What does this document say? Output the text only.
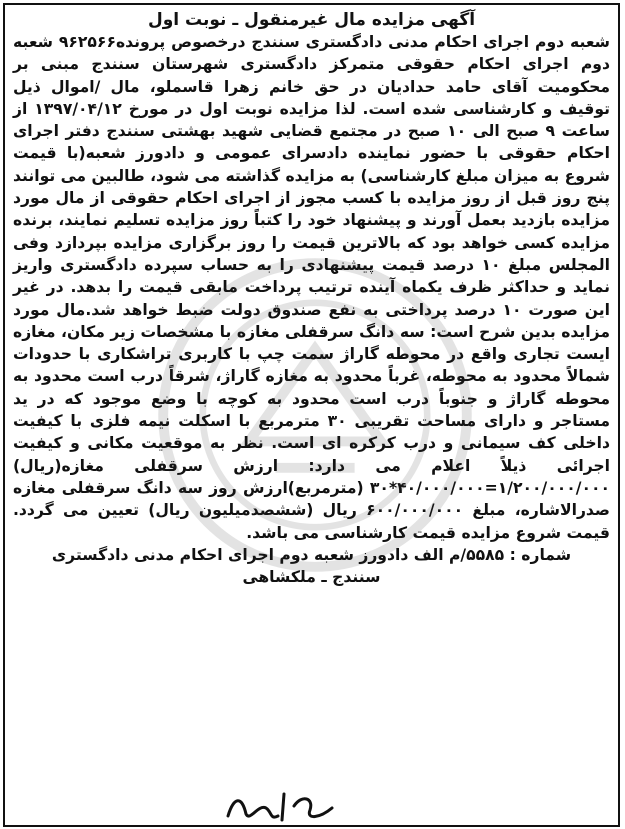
آگهی مزایده مال غیرمنقول ـ نوبت اول

شعبه دوم اجرای احکام مدنی دادگستری سنندج درخصوص پرونده۹۶۲۵۶۶ شعبه دوم اجرای احکام حقوقی متمرکز دادگستری شهرستان سنندج مبنی بر محکومیت آقای حامد حدادیان در حق خانم زهرا قاسملو، مال /اموال ذیل توقیف و کارشناسی شده است. لذا مزایده نوبت اول در مورخ ۱۳۹۷/۰۴/۱۲ از ساعت ۹ صبح الی ۱۰ صبح در مجتمع قضایی شهید بهشتی سنندج دفتر اجرای احکام حقوقی با حضور نماینده دادسرای عمومی و دادورز شعبه(با قیمت شروع به میزان مبلغ کارشناسی) به مزایده گذاشته می شود، طالبین می توانند پنج روز قبل از روز مزایده با کسب مجوز از اجرای احکام حقوقی از مال مورد مزایده بازدید بعمل آورند و پیشنهاد خود را کتباً روز مزایده تسلیم نمایند، برنده مزایده کسی خواهد بود که بالاترین قیمت را روز برگزاری مزایده بپردازد وفی المجلس مبلغ ۱۰ درصد قیمت پیشنهادی را به حساب سپرده دادگستری واریز نماید و حداکثر ظرف یکماه آینده ترتیب پرداخت مابقی قیمت را بدهد. در غیر این صورت ۱۰ درصد پرداختی به نفع صندوق دولت ضبط خواهد شد.مال مورد مزایده بدین شرح است: سه دانگ سرقفلی مغازه با مشخصات زیر مکان، مغازه ایست تجاری واقع در محوطه گاراژ سمت چپ با کاربری تراشکاری با حدودات شمالاً محدود به محوطه، غرباً محدود به مغازه گاراژ، شرقاً درب است محدود به محوطه گاراژ و جنوباً درب است محدود به کوچه با وضع موجود که در ید مستاجر و دارای مساحت تقریبی ۳۰ مترمربع با اسکلت نیمه فلزی با کیفیت داخلی کف سیمانی و درب کرکره ای است. نظر به موقعیت مکانی و کیفیت اجرائی ذیلاً اعلام می دارد: ارزش سرقفلی مغازه(ریال) ۱/۲۰۰/۰۰۰/۰۰۰=۴۰/۰۰۰/۰۰۰*۳۰ (مترمربع)ارزش روز سه دانگ سرقفلی مغازه صدرالاشاره، مبلغ ۶۰۰/۰۰۰/۰۰۰ ریال (ششصدمیلیون ریال) تعیین می گردد. قیمت شروع مزایده قیمت کارشناسی می باشد.

شماره : ۵۵۸۵/م الف دادورز شعبه دوم اجرای احکام مدنی دادگستری
سنندج ـ ملکشاهی
